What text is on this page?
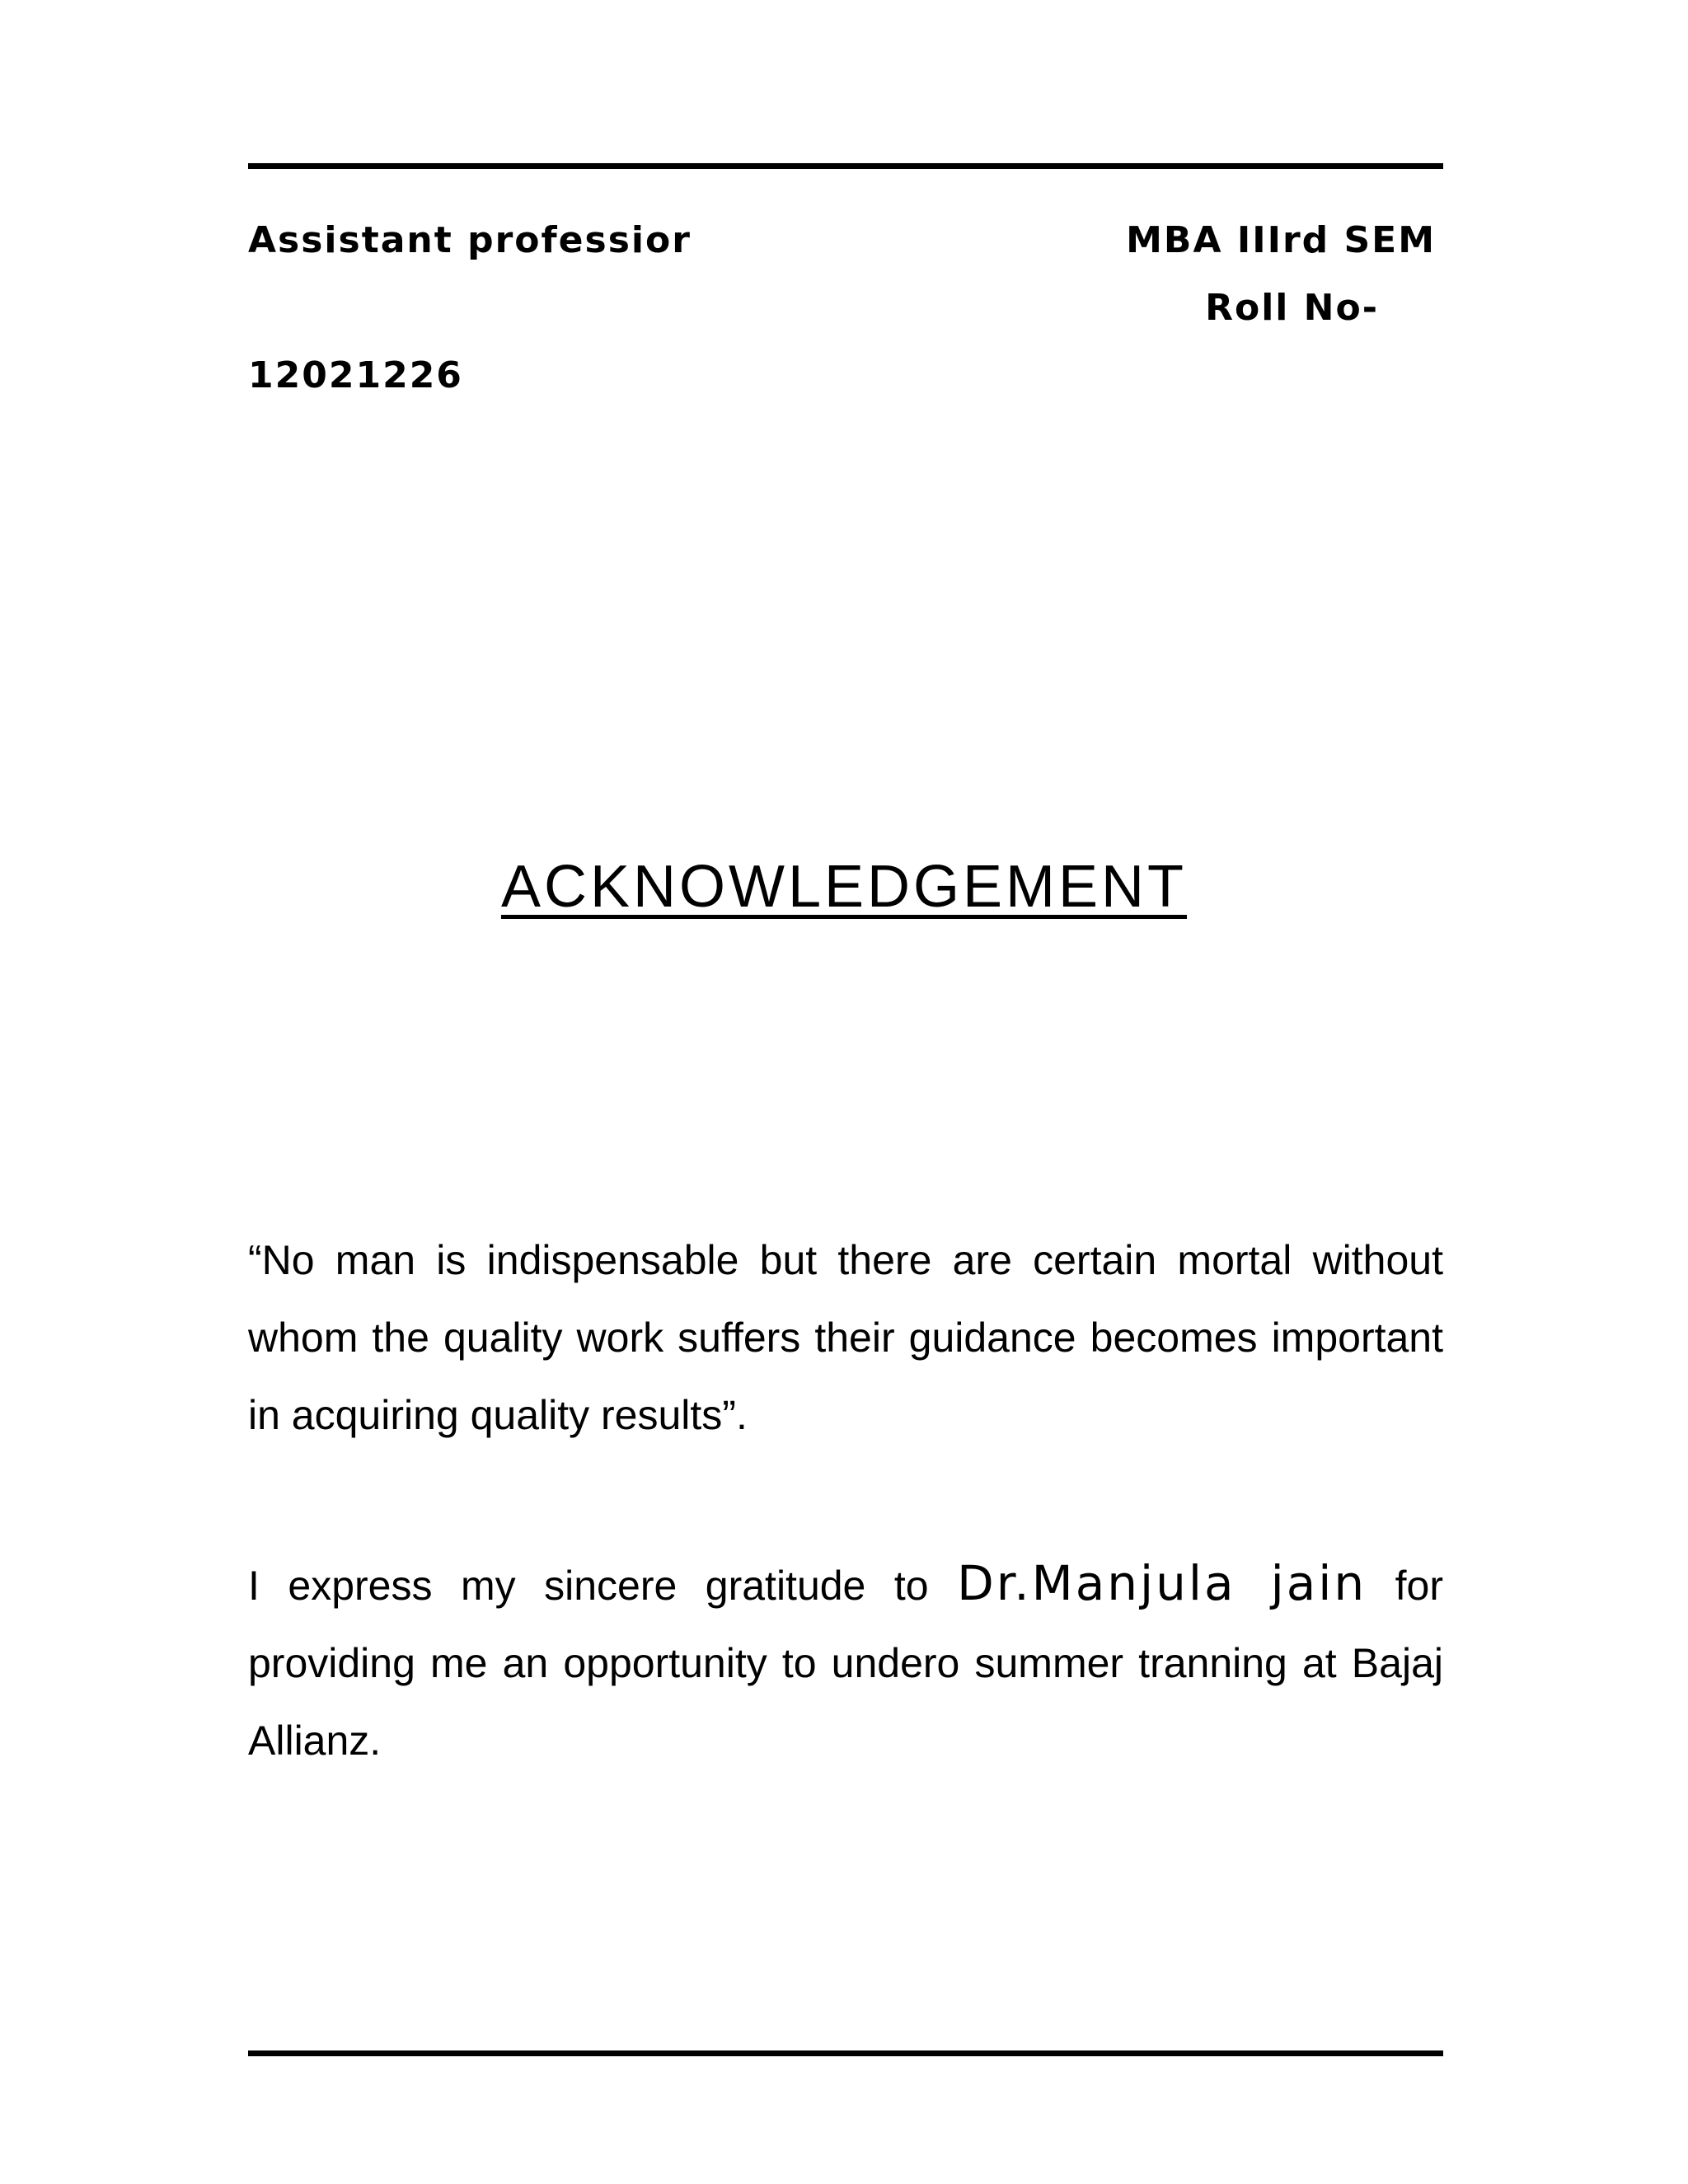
Assistant professior	MBA IIIrd SEM
Roll No-
12021226
ACKNOWLEDGEMENT

“No man is indispensable but there are certain mortal without whom the quality work suffers their guidance becomes important in acquiring quality results”.

I express my sincere gratitude to Dr.Manjula jain for providing me an opportunity to undero summer tranning at Bajaj Allianz.
